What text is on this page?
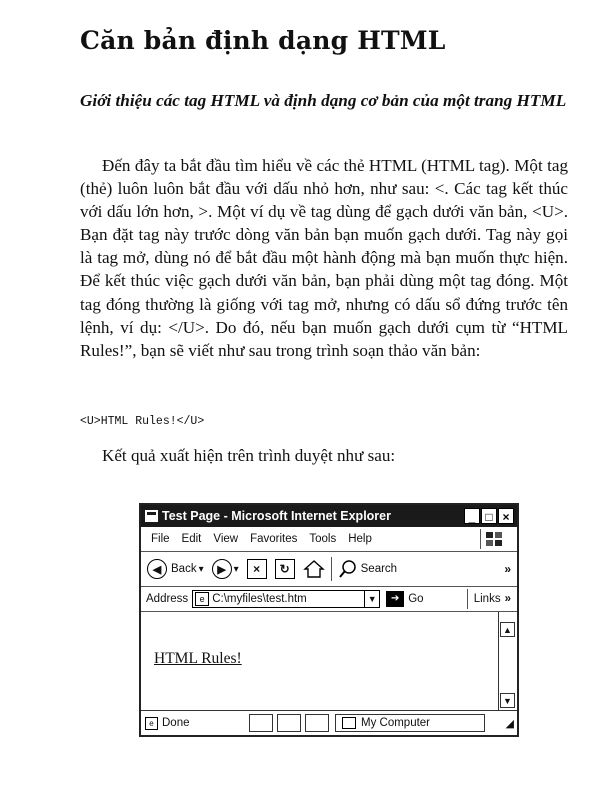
Căn bản định dạng HTML
Giới thiệu các tag HTML và định dạng cơ bản của một trang HTML
Đến đây ta bắt đầu tìm hiểu về các thẻ HTML (HTML tag). Một tag (thẻ) luôn luôn bắt đầu với dấu nhỏ hơn, như sau: <. Các tag kết thúc với dấu lớn hơn, >. Một ví dụ về tag dùng để gạch dưới văn bản, <U>. Bạn đặt tag này trước dòng văn bản bạn muốn gạch dưới. Tag này gọi là tag mở, dùng nó để bắt đầu một hành động mà bạn muốn thực hiện. Để kết thúc việc gạch dưới văn bản, bạn phải dùng một tag đóng. Một tag đóng thường là giống với tag mở, nhưng có dấu sổ đứng trước tên lệnh, ví dụ: </U>. Do đó, nếu bạn muốn gạch dưới cụm từ “HTML Rules!”, bạn sẽ viết như sau trong trình soạn thảo văn bản:
<U>HTML Rules!</U>
Kết quả xuất hiện trên trình duyệt như sau:
Test Page - Microsoft Internet Explorer	_ □ ×
File Edit View Favorites Tools Help
◀ Back ▾	▶ ▾	×	↻	Search	»
Address	e C:\myfiles\test.htm	▼	➔ Go	Links »
HTML Rules!
▲
▼
e Done	My Computer	◢
